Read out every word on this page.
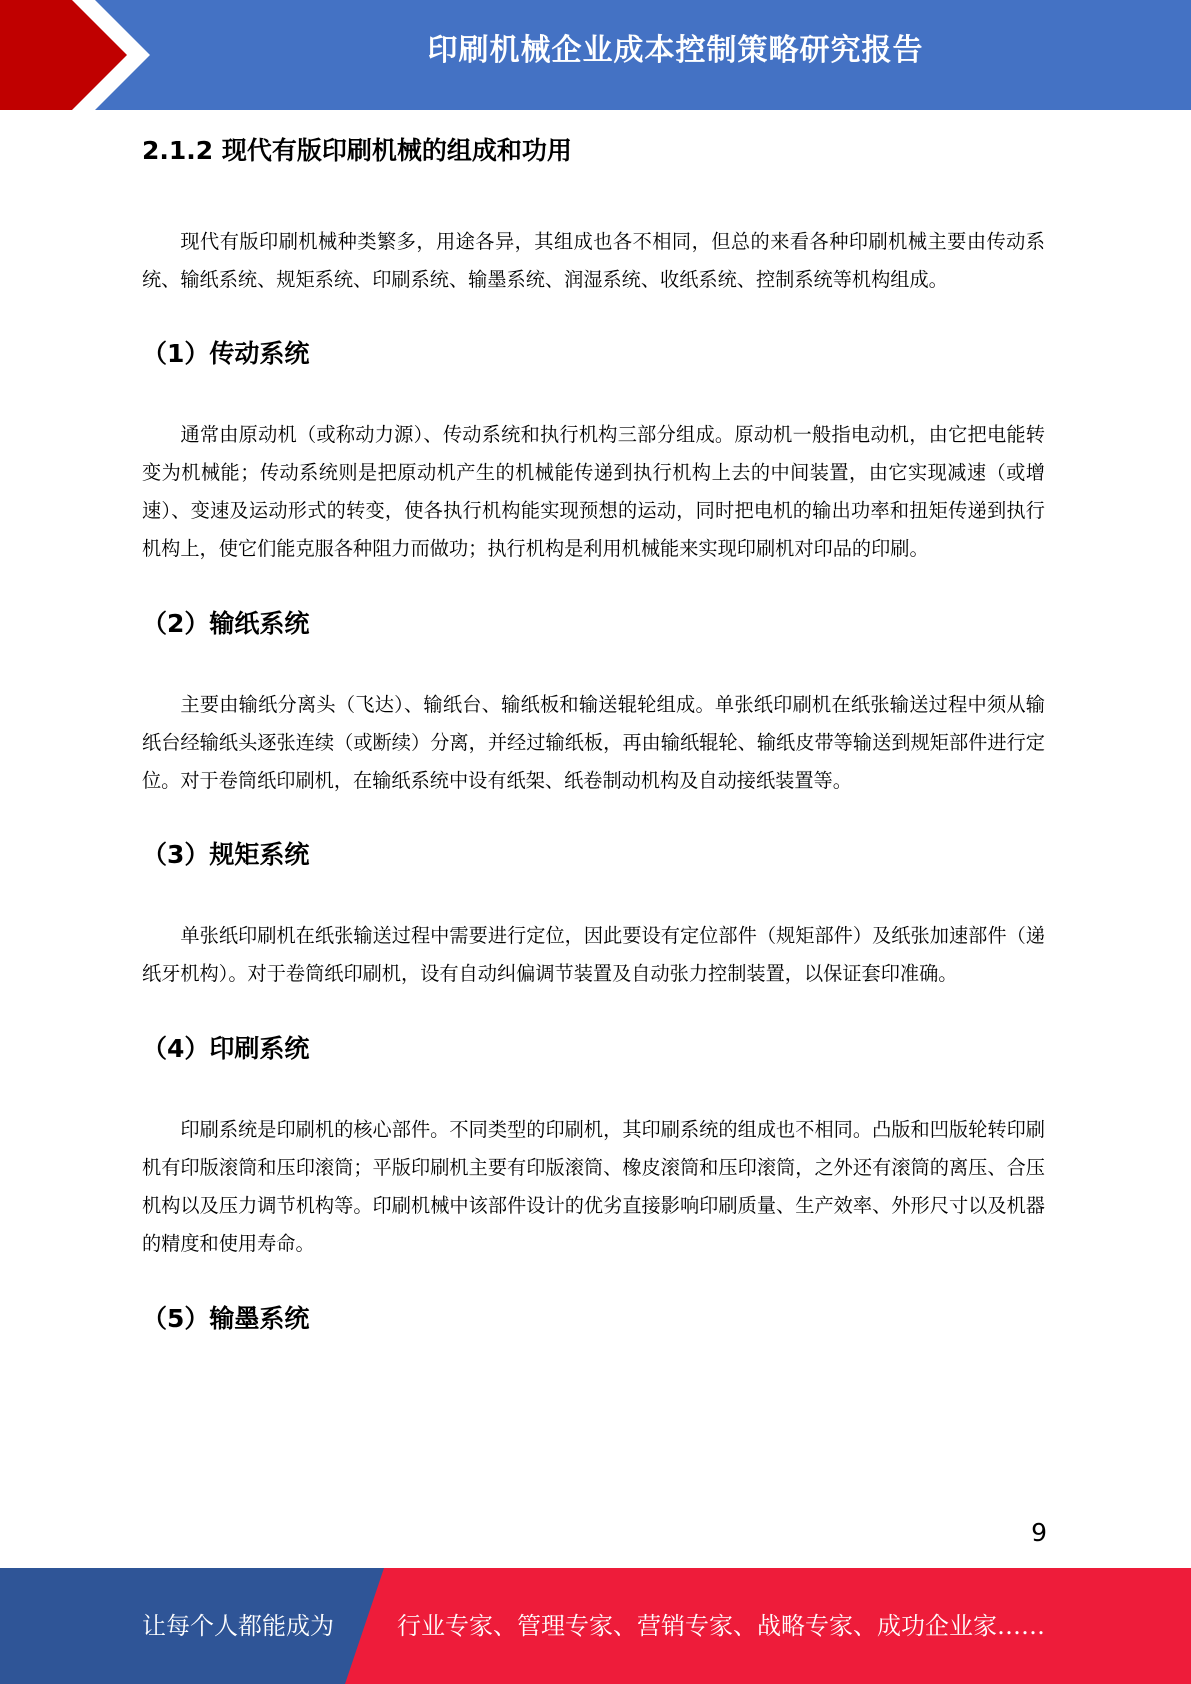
印刷机械企业成本控制策略研究报告
2.1.2 现代有版印刷机械的组成和功用

现代有版印刷机械种类繁多，用途各异，其组成也各不相同，但总的来看各种印刷机械主要由传动系统、输纸系统、规矩系统、印刷系统、输墨系统、润湿系统、收纸系统、控制系统等机构组成。

（1）传动系统

通常由原动机（或称动力源）、传动系统和执行机构三部分组成。原动机一般指电动机，由它把电能转变为机械能；传动系统则是把原动机产生的机械能传递到执行机构上去的中间装置，由它实现减速（或增速）、变速及运动形式的转变，使各执行机构能实现预想的运动，同时把电机的输出功率和扭矩传递到执行机构上，使它们能克服各种阻力而做功；执行机构是利用机械能来实现印刷机对印品的印刷。

（2）输纸系统

主要由输纸分离头（飞达）、输纸台、输纸板和输送辊轮组成。单张纸印刷机在纸张输送过程中须从输纸台经输纸头逐张连续（或断续）分离，并经过输纸板，再由输纸辊轮、输纸皮带等输送到规矩部件进行定位。对于卷筒纸印刷机，在输纸系统中设有纸架、纸卷制动机构及自动接纸装置等。

（3）规矩系统

单张纸印刷机在纸张输送过程中需要进行定位，因此要设有定位部件（规矩部件）及纸张加速部件（递纸牙机构）。对于卷筒纸印刷机，设有自动纠偏调节装置及自动张力控制装置，以保证套印准确。

（4）印刷系统

印刷系统是印刷机的核心部件。不同类型的印刷机，其印刷系统的组成也不相同。凸版和凹版轮转印刷机有印版滚筒和压印滚筒；平版印刷机主要有印版滚筒、橡皮滚筒和压印滚筒，之外还有滚筒的离压、合压机构以及压力调节机构等。印刷机械中该部件设计的优劣直接影响印刷质量、生产效率、外形尺寸以及机器的精度和使用寿命。

（5）输墨系统
9
让每个人都能成为	行业专家、管理专家、营销专家、战略专家、成功企业家……
